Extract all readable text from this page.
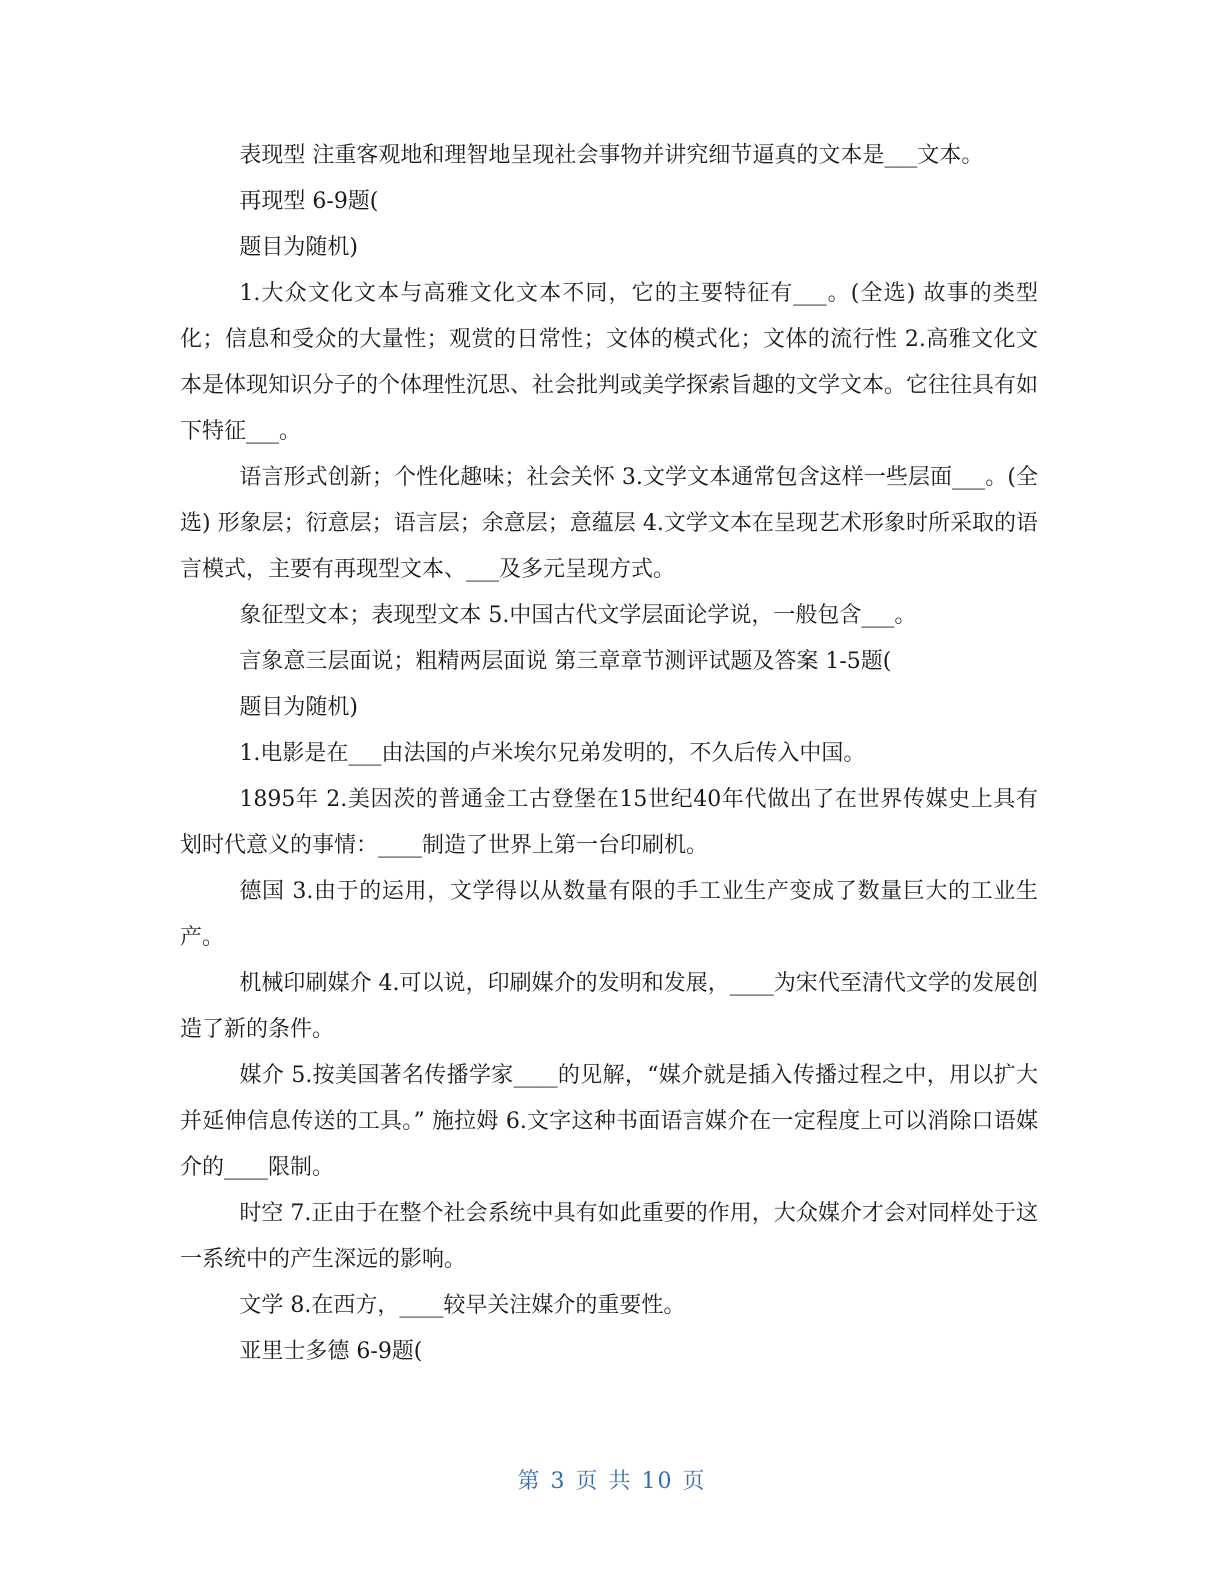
表现型 注重客观地和理智地呈现社会事物并讲究细节逼真的文本是___文本。

再现型 6-9题(

题目为随机)

1.大众文化文本与高雅文化文本不同，它的主要特征有___。(全选) 故事的类型化；信息和受众的大量性；观赏的日常性；文体的模式化；文体的流行性 2.高雅文化文本是体现知识分子的个体理性沉思、社会批判或美学探索旨趣的文学文本。它往往具有如下特征___。

语言形式创新；个性化趣味；社会关怀 3.文学文本通常包含这样一些层面___。(全选) 形象层；衍意层；语言层；余意层；意蕴层 4.文学文本在呈现艺术形象时所采取的语言模式，主要有再现型文本、___及多元呈现方式。

象征型文本；表现型文本 5.中国古代文学层面论学说，一般包含___。

言象意三层面说；粗精两层面说 第三章章节测评试题及答案 1-5题(

题目为随机)

1.电影是在___由法国的卢米埃尔兄弟发明的，不久后传入中国。

1895年 2.美因茨的普通金工古登堡在15世纪40年代做出了在世界传媒史上具有划时代意义的事情：____制造了世界上第一台印刷机。

德国 3.由于的运用，文学得以从数量有限的手工业生产变成了数量巨大的工业生产。

机械印刷媒介 4.可以说，印刷媒介的发明和发展，____为宋代至清代文学的发展创造了新的条件。

媒介 5.按美国著名传播学家____的见解，“媒介就是插入传播过程之中，用以扩大并延伸信息传送的工具。” 施拉姆 6.文字这种书面语言媒介在一定程度上可以消除口语媒介的____限制。

时空 7.正由于在整个社会系统中具有如此重要的作用，大众媒介才会对同样处于这一系统中的产生深远的影响。

文学 8.在西方，____较早关注媒介的重要性。

亚里士多德 6-9题(

第 3 页 共 10 页
